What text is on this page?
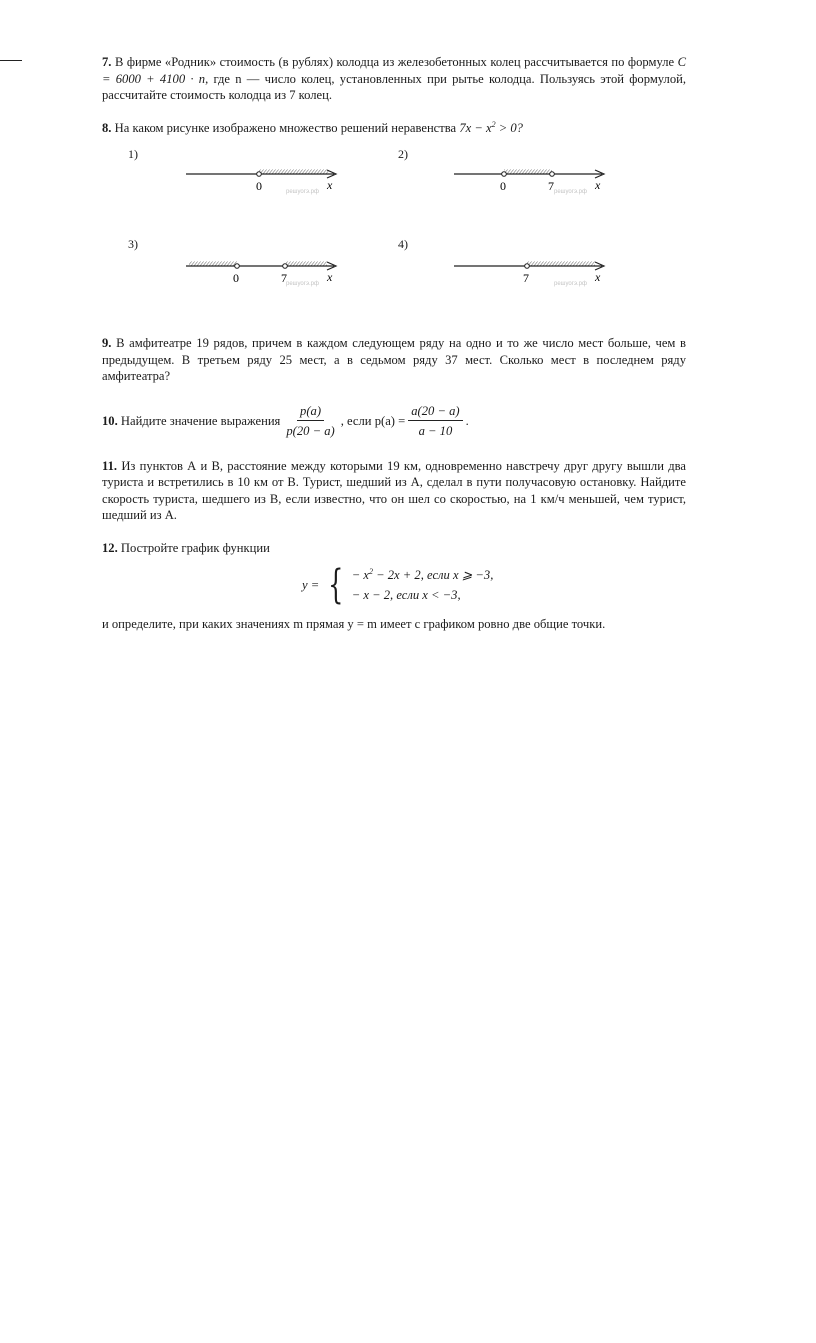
7. В фирме «Родник» стоимость (в рублях) колодца из железобетонных колец рассчитывается по формуле C = 6000 + 4100 · n, где n — число колец, установленных при рытье колодца. Пользуясь этой формулой, рассчитайте стоимость колодца из 7 колец.

8. На каком рисунке изображено множество решений неравенства $7x - x^2 > 0$?

1)
0	x
решуогэ.рф
2)
0	7	x
решуогэ.рф
3)
0	7	x
решуогэ.рф
4)
7	x
решуогэ.рф

9. В амфитеатре 19 рядов, причем в каждом следующем ряду на одно и то же число мест больше, чем в предыдущем. В третьем ряду 25 мест, а в седьмом ряду 37 мест. Сколько мест в последнем ряду амфитеатра?

10.
Найдите значение выражения $\frac{p(a)}{p(20 - a)}$ , если $p(a) = \frac{a(20 - a)}{a - 10}$ .

11. Из пунктов А и В, расстояние между которыми 19 км, одновременно навстречу друг другу вышли два туриста и встретились в 10 км от В. Турист, шедший из А, сделал в пути получасовую остановку. Найдите скорость туриста, шедшего из В, если известно, что он шел со скоростью, на 1 км/ч меньшей, чем турист, шедший из А.

12. Постройте график функции

y = { − $x^2 - 2x + 2$, если x ⩾ −3,
− x − 2, если x < −3,

и определите, при каких значениях m прямая y = m имеет с графиком ровно две общие точки.
